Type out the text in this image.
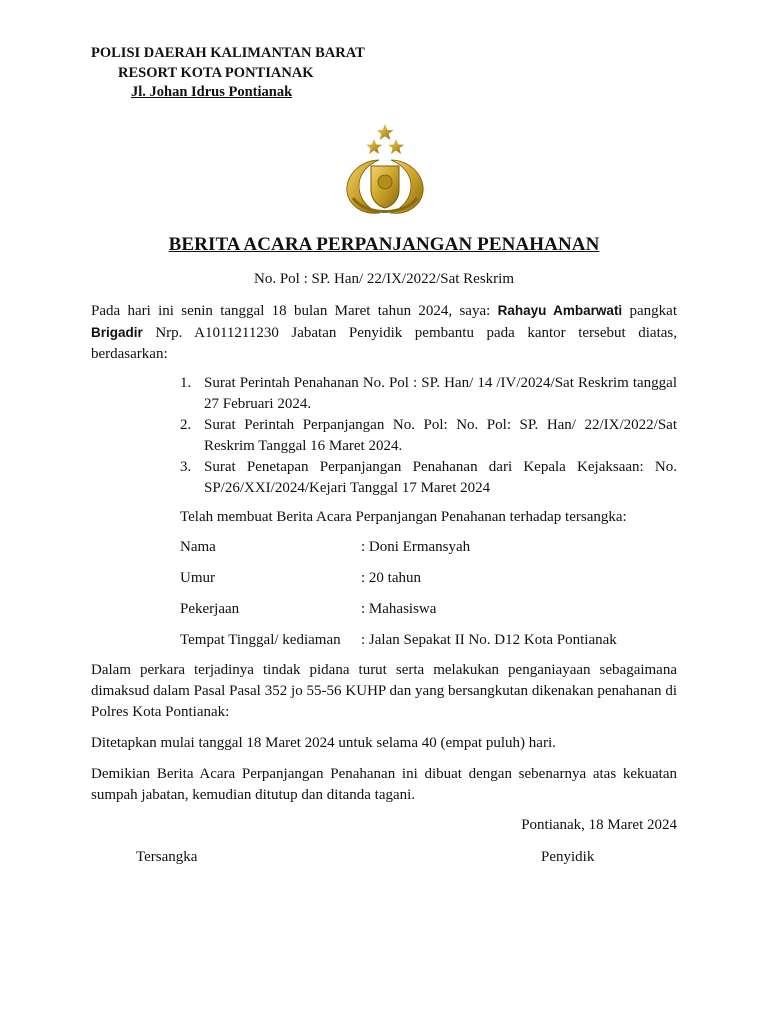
POLISI DAERAH KALIMANTAN BARAT
RESORT KOTA PONTIANAK
Jl. Johan Idrus Pontianak
BERITA ACARA PERPANJANGAN PENAHANAN
No. Pol : SP. Han/ 22/IX/2022/Sat Reskrim
Pada hari ini senin tanggal 18 bulan Maret tahun 2024, saya: Rahayu Ambarwati pangkat Brigadir Nrp. A1011211230 Jabatan Penyidik pembantu pada kantor tersebut diatas, berdasarkan:
1. Surat Perintah Penahanan No. Pol : SP. Han/ 14 /IV/2024/Sat Reskrim tanggal 27 Februari 2024.
2. Surat Perintah Perpanjangan No. Pol: No. Pol: SP. Han/ 22/IX/2022/Sat Reskrim Tanggal 16 Maret 2024.
3. Surat Penetapan Perpanjangan Penahanan dari Kepala Kejaksaan: No. SP/26/XXI/2024/Kejari Tanggal 17 Maret 2024
Telah membuat Berita Acara Perpanjangan Penahanan terhadap tersangka:
Nama	: Doni Ermansyah
Umur	: 20 tahun
Pekerjaan	: Mahasiswa
Tempat Tinggal/ kediaman : Jalan Sepakat II No. D12 Kota Pontianak
Dalam perkara terjadinya tindak pidana turut serta melakukan penganiayaan sebagaimana dimaksud dalam Pasal Pasal 352 jo 55-56 KUHP dan yang bersangkutan dikenakan penahanan di Polres Kota Pontianak:
Ditetapkan mulai tanggal 18 Maret 2024 untuk selama 40 (empat puluh) hari.
Demikian Berita Acara Perpanjangan Penahanan ini dibuat dengan sebenarnya atas kekuatan sumpah jabatan, kemudian ditutup dan ditanda tagani.
Pontianak, 18 Maret 2024
Tersangka	Penyidik
